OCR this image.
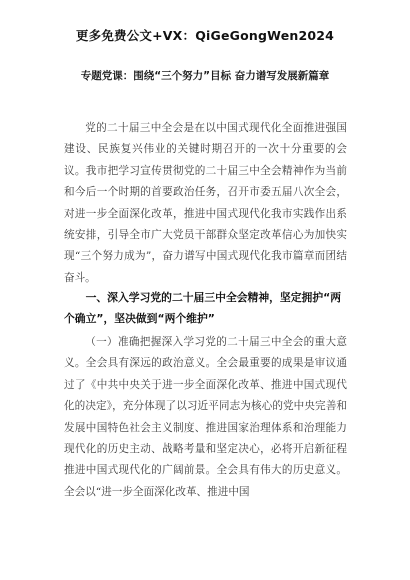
更多免费公文+VX：QiGeGongWen2024
专题党课：围绕“三个努力”目标 奋力谱写发展新篇章

党的二十届三中全会是在以中国式现代化全面推进强国建设、民族复兴伟业的关键时期召开的一次十分重要的会议。我市把学习宣传贯彻党的二十届三中全会精神作为当前和今后一个时期的首要政治任务，召开市委五届八次全会，对进一步全面深化改革，推进中国式现代化我市实践作出系统安排，引导全市广大党员干部群众坚定改革信心为加快实现“三个努力成为”，奋力谱写中国式现代化我市篇章而团结奋斗。

一、深入学习党的二十届三中全会精神，坚定拥护“两个确立”，坚决做到“两个维护”

（一）准确把握深入学习党的二十届三中全会的重大意义。全会具有深远的政治意义。全会最重要的成果是审议通过了《中共中央关于进一步全面深化改革、推进中国式现代化的决定》，充分体现了以习近平同志为核心的党中央完善和发展中国特色社会主义制度、推进国家治理体系和治理能力现代化的历史主动、战略考量和坚定决心，必将开启新征程推进中国式现代化的广阔前景。全会具有伟大的历史意义。全会以“进一步全面深化改革、推进中国
